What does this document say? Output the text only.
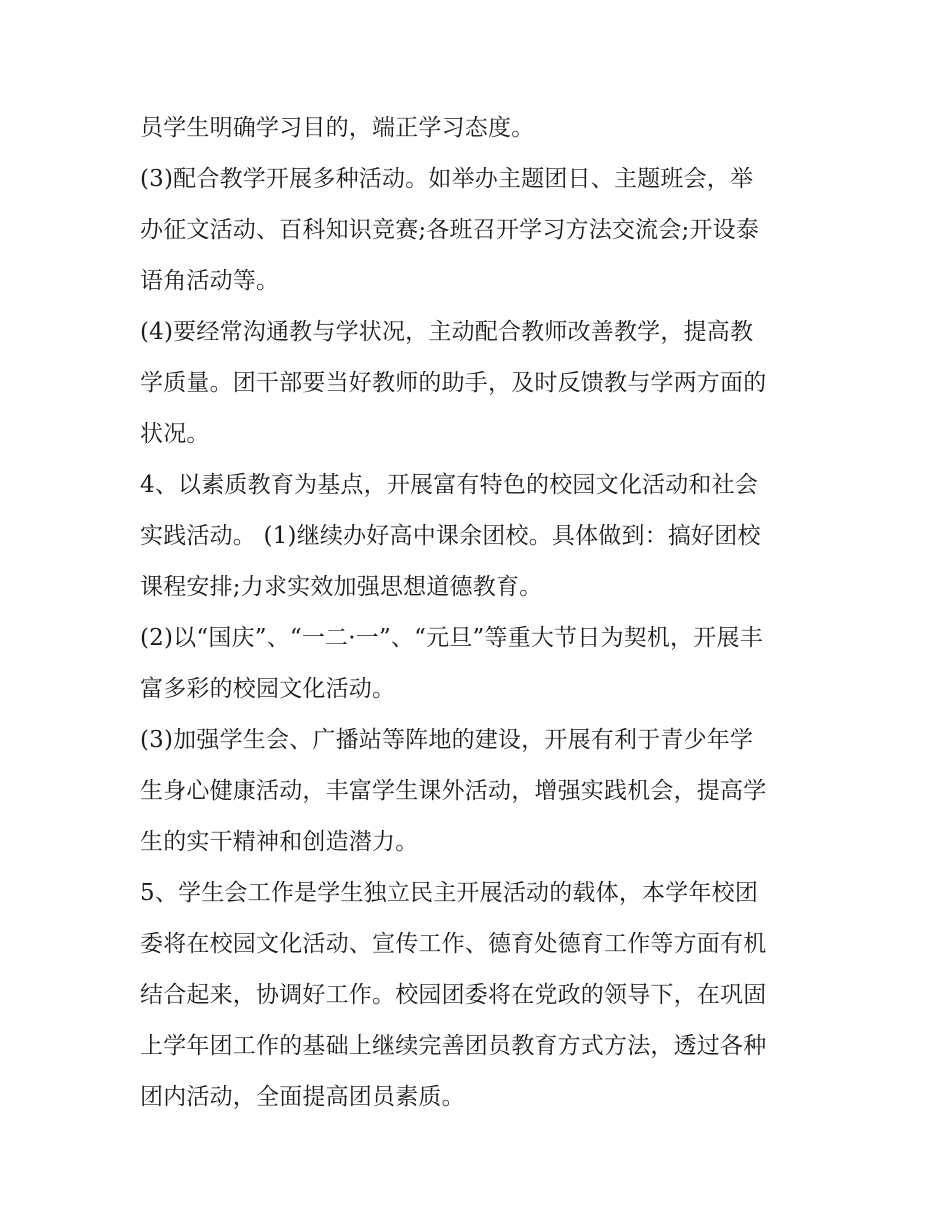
员学生明确学习目的，端正学习态度。
(3)配合教学开展多种活动。如举办主题团日、主题班会，举
办征文活动、百科知识竞赛;各班召开学习方法交流会;开设泰
语角活动等。
(4)要经常沟通教与学状况，主动配合教师改善教学，提高教
学质量。团干部要当好教师的助手，及时反馈教与学两方面的
状况。
4、以素质教育为基点，开展富有特色的校园文化活动和社会
实践活动。 (1)继续办好高中课余团校。具体做到：搞好团校
课程安排;力求实效加强思想道德教育。
(2)以“国庆”、“一二·一”、“元旦”等重大节日为契机，开展丰
富多彩的校园文化活动。
(3)加强学生会、广播站等阵地的建设，开展有利于青少年学
生身心健康活动，丰富学生课外活动，增强实践机会，提高学
生的实干精神和创造潜力。
5、学生会工作是学生独立民主开展活动的载体，本学年校团
委将在校园文化活动、宣传工作、德育处德育工作等方面有机
结合起来，协调好工作。校园团委将在党政的领导下，在巩固
上学年团工作的基础上继续完善团员教育方式方法，透过各种
团内活动，全面提高团员素质。
